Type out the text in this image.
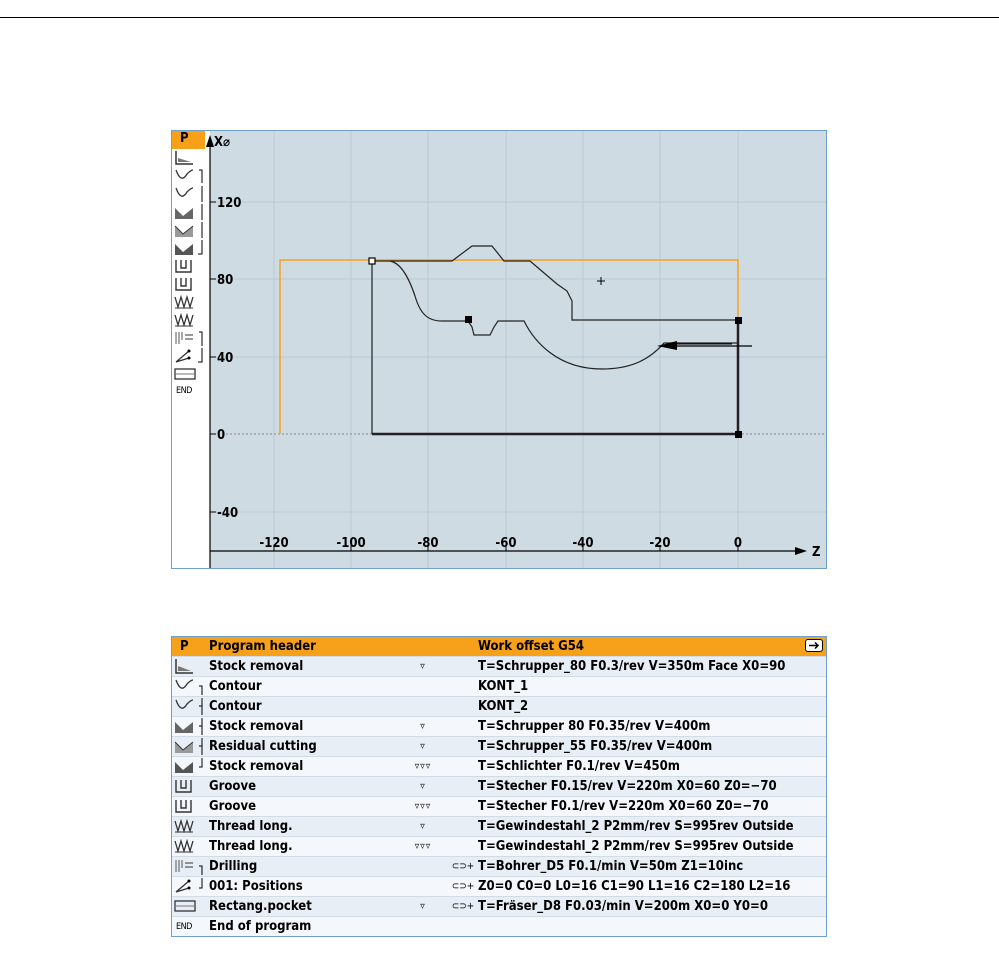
X⌀
Z
120
80
40
0
-40
-120	-100	-80	-60	-40	-20	0
P
END
P Program header	Work offset G54
Stock removal	▿	T=Schrupper_80 F0.3/rev V=350m Face X0=90
Contour	KONT_1
Contour	KONT_2
Stock removal	▿	T=Schrupper 80 F0.35/rev V=400m
Residual cutting	▿	T=Schrupper_55 F0.35/rev V=400m
Stock removal	▿▿▿	T=Schlichter F0.1/rev V=450m
Groove	▿	T=Stecher F0.15/rev V=220m X0=60 Z0=−70
Groove	▿▿▿	T=Stecher F0.1/rev V=220m X0=60 Z0=−70
Thread long.	▿	T=Gewindestahl_2 P2mm/rev S=995rev Outside
Thread long.	▿▿▿	T=Gewindestahl_2 P2mm/rev S=995rev Outside
Drilling	⊂⊃+ T=Bohrer_D5 F0.1/min V=50m Z1=10inc
001: Positions	⊂⊃+ Z0=0 C0=0 L0=16 C1=90 L1=16 C2=180 L2=16
Rectang.pocket	▿	⊂⊃+ T=Fräser_D8 F0.03/min V=200m X0=0 Y0=0
END End of program
